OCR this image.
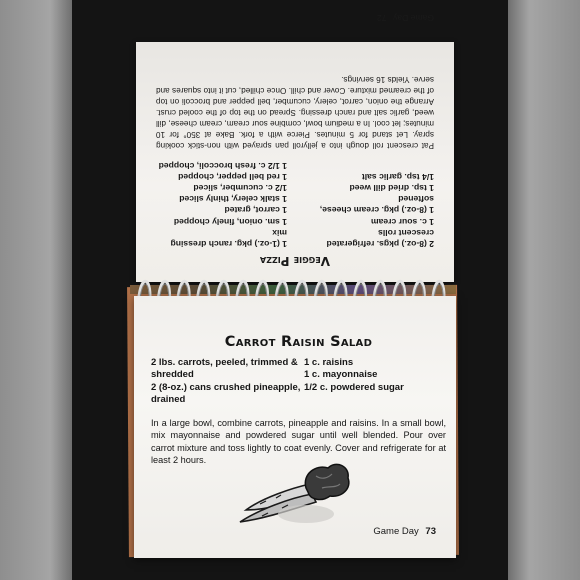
Veggie Pizza
2 (8-oz.) pkgs. refrigerated
crescent rolls
1 c. sour cream
1 (8-oz.) pkg. cream cheese,
softened
1 tsp. dried dill weed
1/4 tsp. garlic salt
1 (1-oz.) pkg. ranch dressing mix
1 sm. onion, finely chopped
1 carrot, grated
1 stalk celery, thinly sliced
1/2 c. cucumber, sliced
1 red bell pepper, chopped
1 1/2 c. fresh broccoli, chopped
Pat crescent roll dough into a jellyroll pan sprayed with non-stick cooking spray. Let stand for 5 minutes. Pierce with a fork. Bake at 350° for 10 minutes; let cool. In a medium bowl, combine sour cream, cream cheese, dill weed, garlic salt and ranch dressing. Spread on the top of the cooled crust. Arrange the onion, carrot, celery, cucumber, bell pepper and broccoli on top of the creamed mixture. Cover and chill. Once chilled, cut it into squares and serve. Yields 16 servings.
Game Day 72
Carrot Raisin Salad
2 lbs. carrots, peeled, trimmed &
shredded
2 (8-oz.) cans crushed pineapple,
drained
1 c. raisins
1 c. mayonnaise
1/2 c. powdered sugar
In a large bowl, combine carrots, pineapple and raisins. In a small bowl, mix mayonnaise and powdered sugar until well blended. Pour over carrot mixture and toss lightly to coat evenly. Cover and refrigerate for at least 2 hours.
Game Day 73
